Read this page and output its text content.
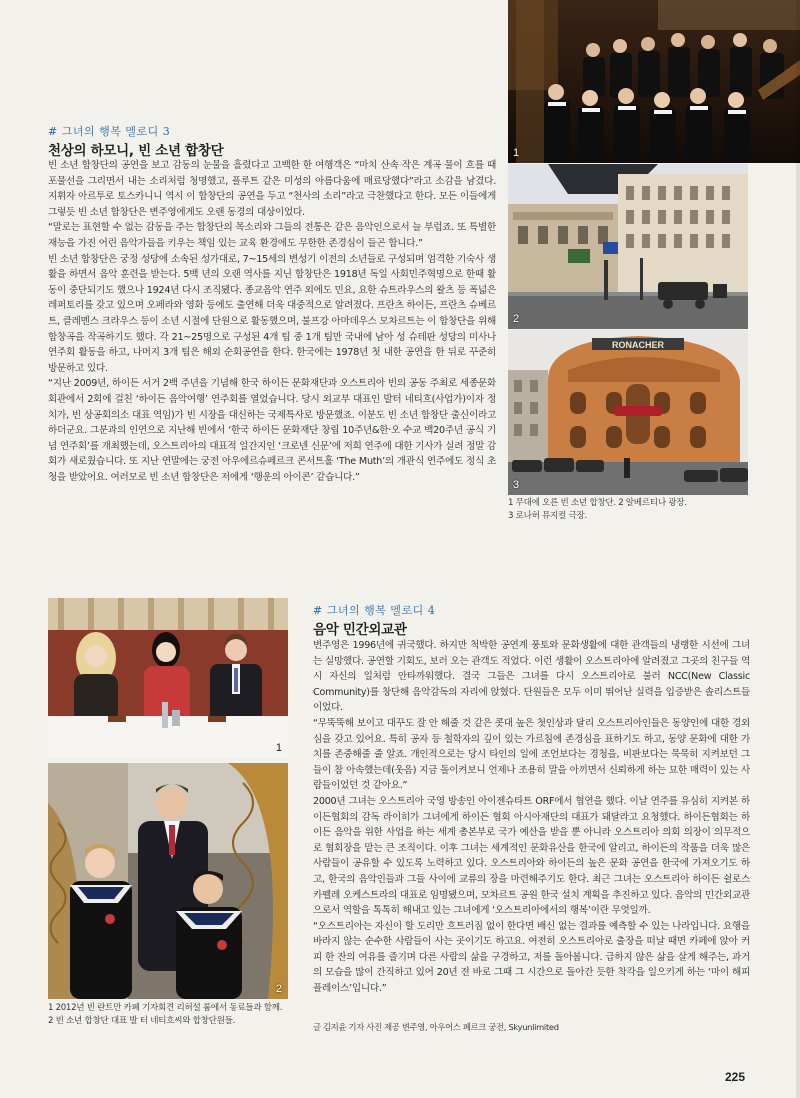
1
2
RONACHER
3
1 무대에 오른 빈 소년 합창단. 2 알베르티나 광장.
3 로나허 뮤지컬 극장.
# 그녀의 행복 멜로디 3
천상의 하모니, 빈 소년 합창단

빈 소년 합창단의 공연을 보고 감동의 눈물을 흘렸다고 고백한 한 여행객은 “마치 산속 작은 계곡 물이 흐를 때 포물선을 그리면서 내는 소리처럼 청명했고, 플루트 같은 미성의 아름다움에 매료당했다”라고 소감을 남겼다. 지휘자 아르투로 토스카니니 역시 이 합창단의 공연을 두고 “천사의 소리”라고 극찬했다고 한다. 모든 이들에게 그렇듯 빈 소년 합창단은 변주영에게도 오랜 동경의 대상이었다.

“말로는 표현할 수 없는 감동을 주는 합창단의 목소리와 그들의 전통은 같은 음악인으로서 늘 부럽죠. 또 특별한 재능을 가진 어린 음악가들을 키우는 책임 있는 교육 환경에도 무한한 존경심이 들곤 합니다.”

빈 소년 합창단은 궁정 성당에 소속된 성가대로, 7~15세의 변성기 이전의 소년들로 구성되며 엄격한 기숙사 생활을 하면서 음악 훈련을 받는다. 5백 년의 오랜 역사를 지닌 합창단은 1918년 독일 사회민주혁명으로 한때 활동이 중단되기도 했으나 1924년 다시 조직됐다. 종교음악 연주 외에도 민요, 요한 슈트라우스의 왈츠 등 폭넓은 레퍼토리를 갖고 있으며 오페라와 영화 등에도 출연해 더욱 대중적으로 알려졌다. 프란츠 하이든, 프란츠 슈베르트, 클레멘스 크라우스 등이 소년 시절에 단원으로 활동했으며, 불프강 아마데우스 모차르트는 이 합창단을 위해 합창곡을 작곡하기도 했다. 각 21~25명으로 구성된 4개 팀 중 1개 팀만 국내에 남아 성 슈테판 성당의 미사나 연주회 활동을 하고, 나머지 3개 팀은 해외 순회공연을 한다. 한국에는 1978년 첫 내한 공연을 한 뒤로 꾸준히 방문하고 있다.

“지난 2009년, 하이든 서거 2백 주년을 기념해 한국 하이든 문화재단과 오스트리아 빈의 공동 주최로 세종문화회관에서 2회에 걸친 ‘하이든 음악여행’ 연주회를 열었습니다. 당시 외교부 대표인 발터 네티흐(사업가)이자 정치가, 빈 상공회의소 대표 역임)가 빈 시장을 대신하는 국제특사로 방문했죠. 이분도 빈 소년 합창단 출신이라고 하더군요. 그분과의 인연으로 지난해 빈에서 ‘한국 하이든 문화재단 창립 10주년&한·오 수교 백20주년 공식 기념 연주회’를 개최했는데, 오스트리아의 대표적 일간지인 ‘크로넨 신문’에 저희 연주에 대한 기사가 실려 정말 감회가 새로웠습니다. 또 지난 연말에는 궁전 아우에르슈페르크 콘서트홀 ‘The Muth’의 개관식 연주에도 정식 초청을 받았어요. 여러모로 빈 소년 합창단은 저에게 ‘행운의 아이콘’ 같습니다.”

1
2
1 2012년 빈 란트만 카페 기자회견 리허설 룸에서 동료들과 함께.
2 빈 소년 합창단 대표 발 터 네티흐씨와 합창단원들.
# 그녀의 행복 멜로디 4
음악 민간외교관

변주영은 1996년에 귀국했다. 하지만 척박한 공연계 풍토와 문화생활에 대한 관객들의 냉랭한 시선에 그녀는 실망했다. 공연할 기회도, 보러 오는 관객도 적었다. 이런 생활이 오스트리아에 알려졌고 그곳의 친구들 역시 자신의 일처럼 안타까워했다. 결국 그들은 그녀를 다시 오스트리아로 불러 NCC(New Classic Community)를 창단해 음악감독의 자리에 앉혔다. 단원들은 모두 이미 뛰어난 실력을 입증받은 솔리스트들이었다.

“무뚝뚝해 보이고 대꾸도 잘 안 해줄 것 같은 콧대 높은 첫인상과 달리 오스트리아인들은 동양인에 대한 경외심을 갖고 있어요. 특히 공자 등 철학자의 깊이 있는 가르침에 존경심을 표하기도 하고, 동양 문화에 대한 가치를 존중해줄 줄 알죠. 개인적으로는 당시 타인의 일에 조언보다는 경청을, 비판보다는 묵묵히 지켜보던 그들이 참 아속했는데(웃음) 지금 돌이켜보니 언제나 조용히 말을 아끼면서 신뢰하게 하는 묘한 매력이 있는 사람들이었던 것 같아요.”

2000년 그녀는 오스트리아 국영 방송인 아이젠슈타트 ORF에서 협연을 했다. 이날 연주를 유심히 지켜본 하이든협회의 감독 라이히가 그녀에게 하이든 협회 아시아재단의 대표가 돼달라고 요청했다. 하이든협회는 하이든 음악을 위한 사업을 하는 세계 총본부로 국가 예산을 받을 뿐 아니라 오스트리아 의회 의장이 의무적으로 협회장을 맡는 큰 조직이다. 이후 그녀는 세계적인 문화유산을 한국에 알리고, 하이든의 작품을 더욱 많은 사람들이 공유할 수 있도록 노력하고 있다. 오스트리아와 하이든의 높은 문화 공연을 한국에 가져오기도 하고, 한국의 음악인들과 그들 사이에 교류의 장을 마련해주기도 한다. 최근 그녀는 오스트리아 하이든 쉴로스 카펠레 오케스트라의 대표로 임명됐으며, 모차르트 공원 한국 설치 계획을 추진하고 있다. 음악의 민간외교관으로서 역할을 톡톡히 해내고 있는 그녀에게 ‘오스트리아에서의 행복’이란 무엇일까.

“오스트리아는 자신이 할 도리만 흐트러짐 없이 한다면 배신 없는 결과를 예측할 수 있는 나라입니다. 요행을 바라지 않는 순수한 사람들이 사는 곳이기도 하고요. 여전히 오스트리아로 출장을 떠날 때면 카페에 앉아 커피 한 잔의 여유를 즐기며 다른 사람의 삶을 구경하고, 저를 돌아봅니다. 급하지 않은 삶을 살게 해주는, 과거의 모습을 많이 간직하고 있어 20년 전 바로 그때 그 시간으로 돌아간 듯한 착각을 일으키게 하는 ‘마이 해피 플레이스’입니다.”

글 김지윤 기자 사진 제공 변주영, 아우어스 페르크 궁전, Skyunlimited
225
